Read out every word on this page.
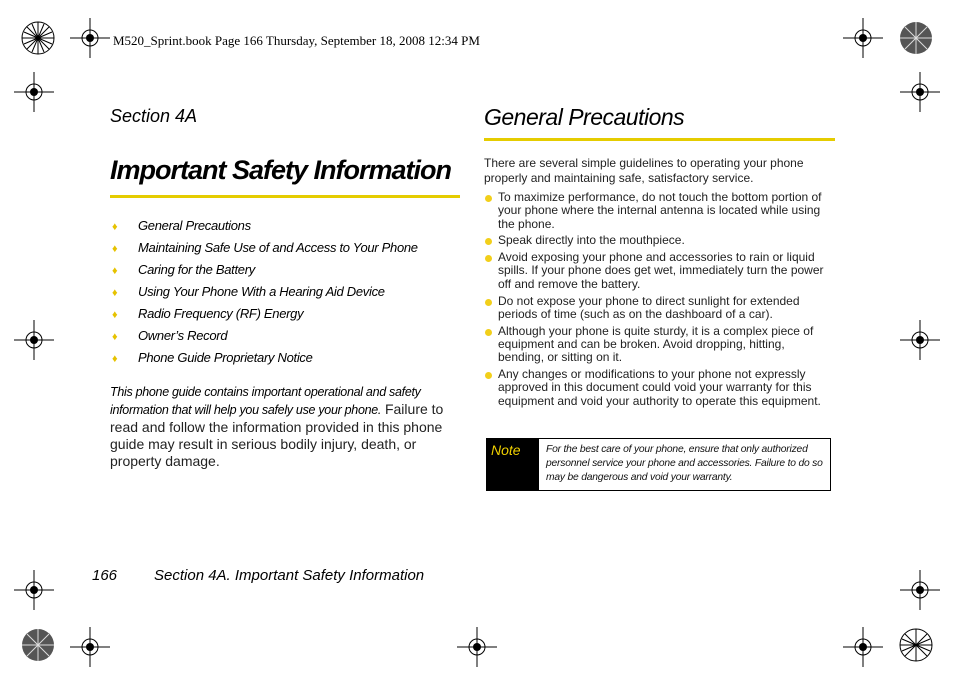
M520_Sprint.book Page 166 Thursday, September 18, 2008 12:34 PM
Section 4A
Important Safety Information
♦ General Precautions
♦ Maintaining Safe Use of and Access to Your Phone
♦ Caring for the Battery
♦ Using Your Phone With a Hearing Aid Device
♦ Radio Frequency (RF) Energy
♦ Owner’s Record
♦ Phone Guide Proprietary Notice
This phone guide contains important operational and safety information that will help you safely use your phone. Failure to read and follow the information provided in this phone guide may result in serious bodily injury, death, or property damage.
General Precautions
There are several simple guidelines to operating your phone properly and maintaining safe, satisfactory service.
To maximize performance, do not touch the bottom portion of your phone where the internal antenna is located while using the phone.
Speak directly into the mouthpiece.
Avoid exposing your phone and accessories to rain or liquid spills. If your phone does get wet, immediately turn the power off and remove the battery.
Do not expose your phone to direct sunlight for extended periods of time (such as on the dashboard of a car).
Although your phone is quite sturdy, it is a complex piece of equipment and can be broken. Avoid dropping, hitting, bending, or sitting on it.
Any changes or modifications to your phone not expressly approved in this document could void your warranty for this equipment and void your authority to operate this equipment.
Note	For the best care of your phone, ensure that only authorized personnel service your phone and accessories. Failure to do so may be dangerous and void your warranty.
166 Section 4A. Important Safety Information
